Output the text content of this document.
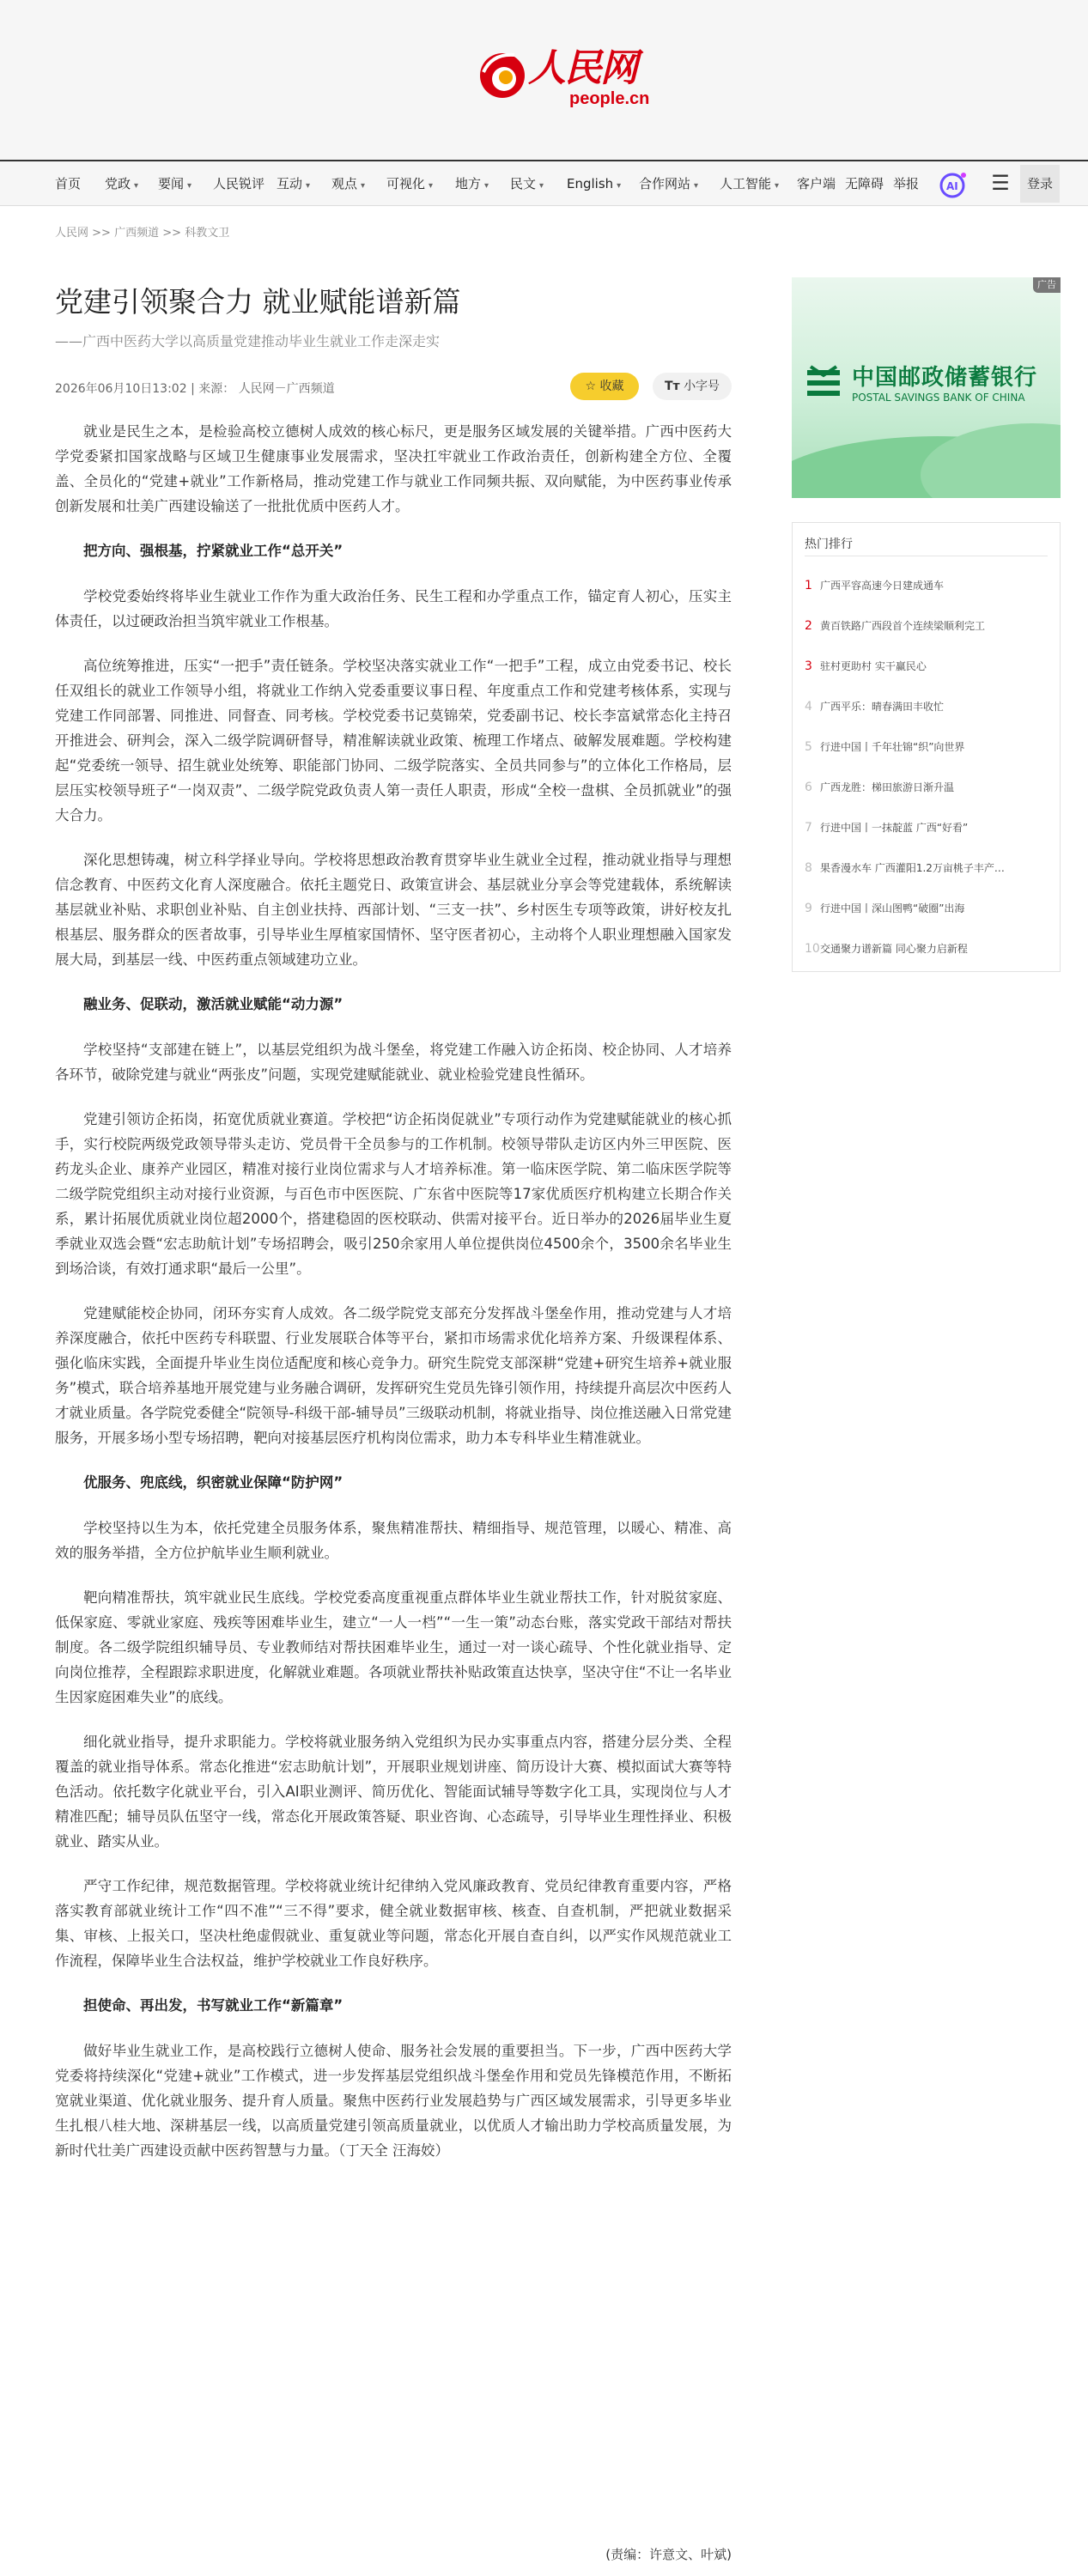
人民网
people.cn
首页 党政 ▾ 要闻 ▾ 人民锐评 互动 ▾ 观点 ▾ 可视化 ▾ 地方 ▾ 民文 ▾ English ▾ 合作网站 ▾ 人工智能 ▾ 客户端 无障碍 举报	AI ☰	登录
人民网 >> 广西频道 >> 科教文卫
党建引领聚合力 就业赋能谱新篇
——广西中医药大学以高质量党建推动毕业生就业工作走深走实
2026年06月10日13:02 | 来源： 人民网－广西频道	☆ 收藏	Tт 小字号

就业是民生之本，是检验高校立德树人成效的核心标尺，更是服务区域发展的关键举措。广西中医药大学党委紧扣国家战略与区域卫生健康事业发展需求，坚决扛牢就业工作政治责任，创新构建全方位、全覆盖、全员化的“党建+就业”工作新格局，推动党建工作与就业工作同频共振、双向赋能，为中医药事业传承创新发展和壮美广西建设输送了一批批优质中医药人才。

把方向、强根基，拧紧就业工作“总开关”

学校党委始终将毕业生就业工作作为重大政治任务、民生工程和办学重点工作，锚定育人初心，压实主体责任，以过硬政治担当筑牢就业工作根基。

高位统筹推进，压实“一把手”责任链条。学校坚决落实就业工作“一把手”工程，成立由党委书记、校长任双组长的就业工作领导小组，将就业工作纳入党委重要议事日程、年度重点工作和党建考核体系，实现与党建工作同部署、同推进、同督查、同考核。学校党委书记莫锦荣，党委副书记、校长李富斌常态化主持召开推进会、研判会，深入二级学院调研督导，精准解读就业政策、梳理工作堵点、破解发展难题。学校构建起“党委统一领导、招生就业处统筹、职能部门协同、二级学院落实、全员共同参与”的立体化工作格局，层层压实校领导班子“一岗双责”、二级学院党政负责人第一责任人职责，形成“全校一盘棋、全员抓就业”的强大合力。

深化思想铸魂，树立科学择业导向。学校将思想政治教育贯穿毕业生就业全过程，推动就业指导与理想信念教育、中医药文化育人深度融合。依托主题党日、政策宣讲会、基层就业分享会等党建载体，系统解读基层就业补贴、求职创业补贴、自主创业扶持、西部计划、“三支一扶”、乡村医生专项等政策，讲好校友扎根基层、服务群众的医者故事，引导毕业生厚植家国情怀、坚守医者初心，主动将个人职业理想融入国家发展大局，到基层一线、中医药重点领域建功立业。

融业务、促联动，激活就业赋能“动力源”

学校坚持“支部建在链上”，以基层党组织为战斗堡垒，将党建工作融入访企拓岗、校企协同、人才培养各环节，破除党建与就业“两张皮”问题，实现党建赋能就业、就业检验党建良性循环。

党建引领访企拓岗，拓宽优质就业赛道。学校把“访企拓岗促就业”专项行动作为党建赋能就业的核心抓手，实行校院两级党政领导带头走访、党员骨干全员参与的工作机制。校领导带队走访区内外三甲医院、医药龙头企业、康养产业园区，精准对接行业岗位需求与人才培养标准。第一临床医学院、第二临床医学院等二级学院党组织主动对接行业资源，与百色市中医医院、广东省中医院等17家优质医疗机构建立长期合作关系，累计拓展优质就业岗位超2000个，搭建稳固的医校联动、供需对接平台。近日举办的2026届毕业生夏季就业双选会暨“宏志助航计划”专场招聘会，吸引250余家用人单位提供岗位4500余个，3500余名毕业生到场洽谈，有效打通求职“最后一公里”。

党建赋能校企协同，闭环夯实育人成效。各二级学院党支部充分发挥战斗堡垒作用，推动党建与人才培养深度融合，依托中医药专科联盟、行业发展联合体等平台，紧扣市场需求优化培养方案、升级课程体系、强化临床实践，全面提升毕业生岗位适配度和核心竞争力。研究生院党支部深耕“党建+研究生培养+就业服务”模式，联合培养基地开展党建与业务融合调研，发挥研究生党员先锋引领作用，持续提升高层次中医药人才就业质量。各学院党委健全“院领导-科级干部-辅导员”三级联动机制，将就业指导、岗位推送融入日常党建服务，开展多场小型专场招聘，靶向对接基层医疗机构岗位需求，助力本专科毕业生精准就业。

优服务、兜底线，织密就业保障“防护网”

学校坚持以生为本，依托党建全员服务体系，聚焦精准帮扶、精细指导、规范管理，以暖心、精准、高效的服务举措，全方位护航毕业生顺利就业。

靶向精准帮扶，筑牢就业民生底线。学校党委高度重视重点群体毕业生就业帮扶工作，针对脱贫家庭、低保家庭、零就业家庭、残疾等困难毕业生，建立“一人一档”“一生一策”动态台账，落实党政干部结对帮扶制度。各二级学院组织辅导员、专业教师结对帮扶困难毕业生，通过一对一谈心疏导、个性化就业指导、定向岗位推荐，全程跟踪求职进度，化解就业难题。各项就业帮扶补贴政策直达快享，坚决守住“不让一名毕业生因家庭困难失业”的底线。

细化就业指导，提升求职能力。学校将就业服务纳入党组织为民办实事重点内容，搭建分层分类、全程覆盖的就业指导体系。常态化推进“宏志助航计划”，开展职业规划讲座、简历设计大赛、模拟面试大赛等特色活动。依托数字化就业平台，引入AI职业测评、简历优化、智能面试辅导等数字化工具，实现岗位与人才精准匹配；辅导员队伍坚守一线，常态化开展政策答疑、职业咨询、心态疏导，引导毕业生理性择业、积极就业、踏实从业。

严守工作纪律，规范数据管理。学校将就业统计纪律纳入党风廉政教育、党员纪律教育重要内容，严格落实教育部就业统计工作“四不准”“三不得”要求，健全就业数据审核、核查、自查机制，严把就业数据采集、审核、上报关口，坚决杜绝虚假就业、重复就业等问题，常态化开展自查自纠，以严实作风规范就业工作流程，保障毕业生合法权益，维护学校就业工作良好秩序。

担使命、再出发，书写就业工作“新篇章”

做好毕业生就业工作，是高校践行立德树人使命、服务社会发展的重要担当。下一步，广西中医药大学党委将持续深化“党建+就业”工作模式，进一步发挥基层党组织战斗堡垒作用和党员先锋模范作用，不断拓宽就业渠道、优化就业服务、提升育人质量。聚焦中医药行业发展趋势与广西区域发展需求，引导更多毕业生扎根八桂大地、深耕基层一线，以高质量党建引领高质量就业，以优质人才输出助力学校高质量发展，为新时代壮美广西建设贡献中医药智慧与力量。（丁天全 汪海姣）

(责编：许意文、叶斌)
广告
中国邮政储蓄银行
POSTAL SAVINGS BANK OF CHINA
热门排行
1 广西平容高速今日建成通车
2 黄百铁路广西段首个连续梁顺利完工
3 驻村更助村 实干赢民心
4 广西平乐：晴春满田丰收忙
5 行进中国丨千年壮锦“织”向世界
6 广西龙胜：梯田旅游日渐升温
7 行进中国丨一抹靛蓝 广西“好看”
8 果香漫水车 广西灌阳1.2万亩桃子丰产…
9 行进中国丨深山图鸭“破圈”出海
10交通聚力谱新篇 同心聚力启新程
